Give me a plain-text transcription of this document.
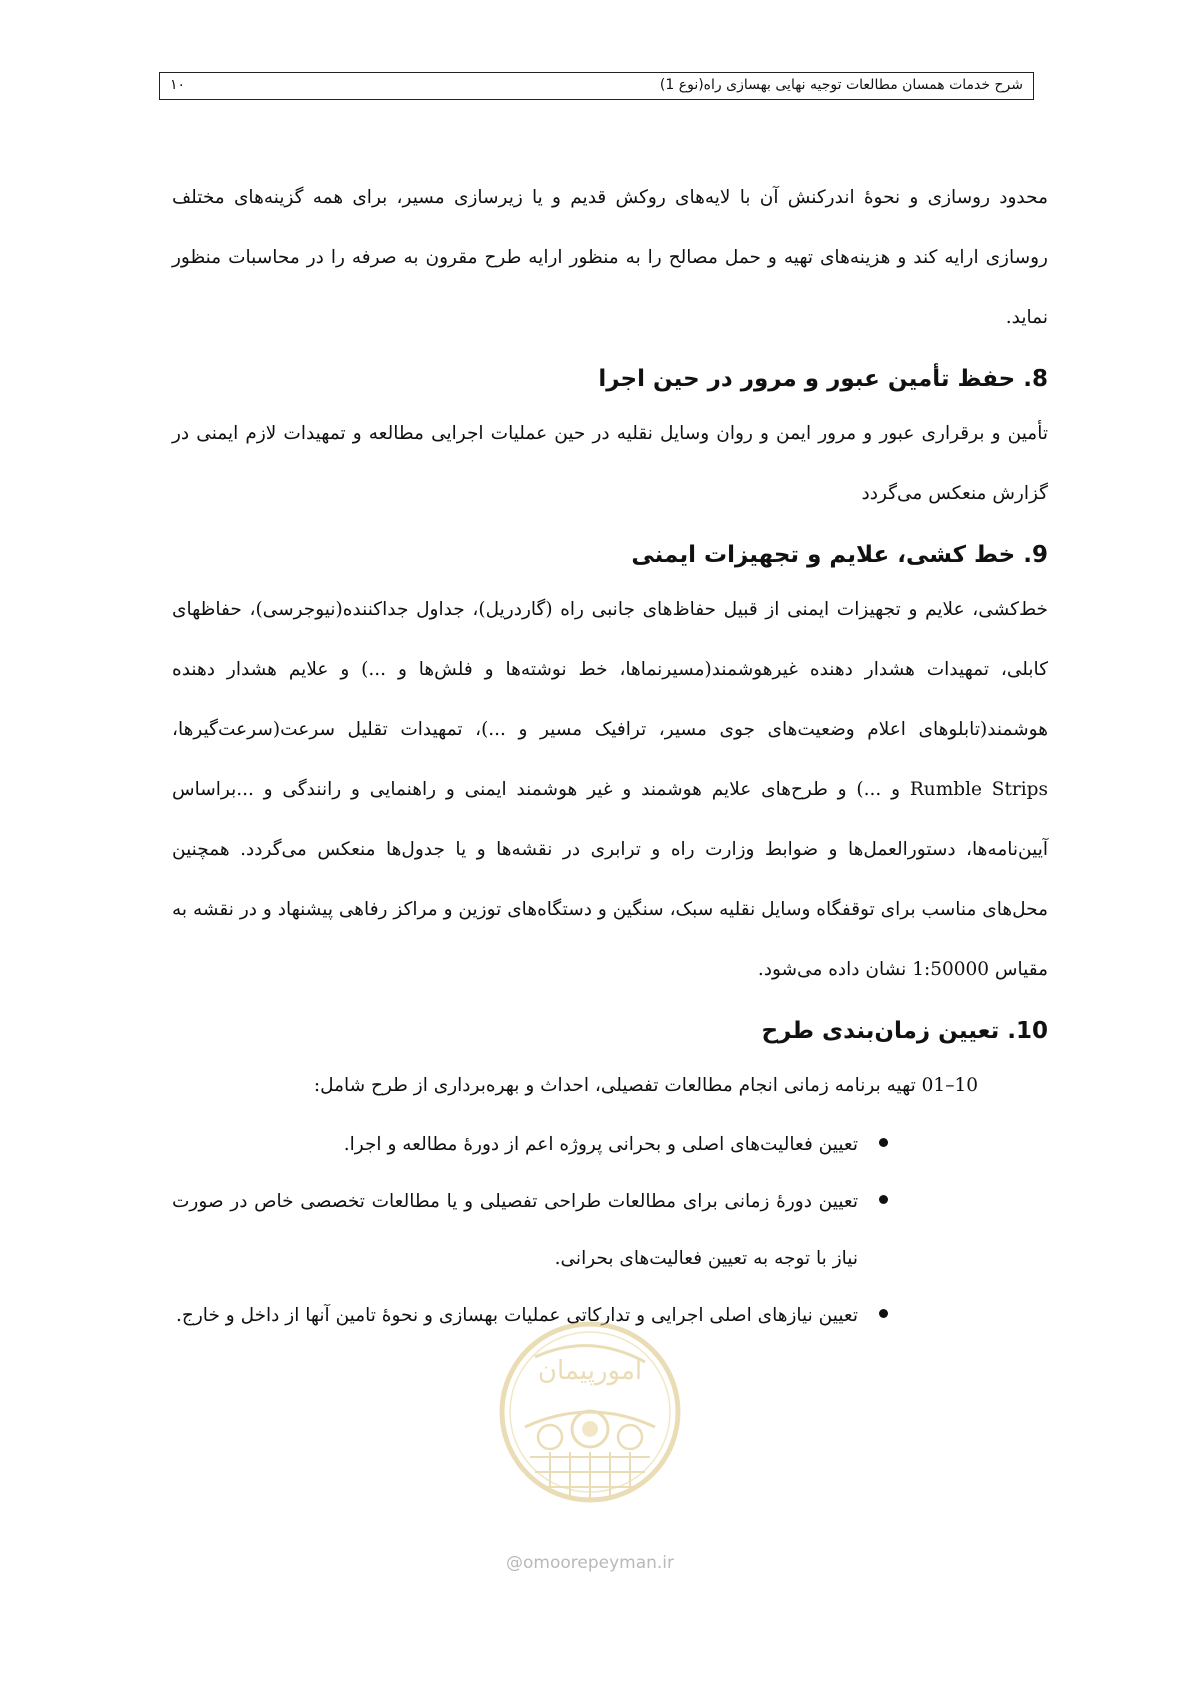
شرح خدمات همسان مطالعات توجیه نهایی بهسازی راه(نوع 1)
۱۰

محدود روسازی و نحوۀ اندرکنش آن با لایه‌های روکش قدیم و یا زیرسازی مسیر، برای همه گزینه‌های مختلف روسازی ارایه کند و هزینه‌های تهیه و حمل مصالح را به منظور ارایه طرح مقرون به صرفه را در محاسبات منظور نماید.

8. حفظ تأمین عبور و مرور در حین اجرا

تأمین و برقراری عبور و مرور ایمن و روان وسایل نقلیه در حین عملیات اجرایی مطالعه و تمهیدات لازم ایمنی در گزارش منعکس می‌گردد

9. خط کشی، علایم و تجهیزات ایمنی

خط‌کشی، علایم و تجهیزات ایمنی از قبیل حفاظ‌های جانبی راه (گاردریل)، جداول جداکننده(نیوجرسی)، حفاظهای کابلی، تمهیدات هشدار دهنده غیرهوشمند(مسیرنماها، خط نوشته‌ها و فلش‌ها و ...) و علایم هشدار دهنده هوشمند(تابلوهای اعلام وضعیت‌های جوی مسیر، ترافیک مسیر و ...)، تمهیدات تقلیل سرعت(سرعت‌گیرها، Rumble Strips و ...) و طرح‌های علایم هوشمند و غیر هوشمند ایمنی و راهنمایی و رانندگی و ...براساس آیین‌نامه‌ها، دستورالعمل‌ها و ضوابط وزارت راه و ترابری در نقشه‌ها و یا جدول‌ها منعکس می‌گردد. همچنین محل‌های مناسب برای توقفگاه وسایل نقلیه سبک، سنگین و دستگاه‌های توزین و مراکز رفاهی پیشنهاد و در نقشه به مقیاس 1:50000 نشان داده می‌شود.

10. تعیین زمان‌بندی طرح

10–01 تهیه برنامه زمانی انجام مطالعات تفصیلی، احداث و بهره‌برداری از طرح شامل:

تعیین فعالیت‌های اصلی و بحرانی پروژه اعم از دورۀ مطالعه و اجرا.
تعیین دورۀ زمانی برای مطالعات طراحی تفصیلی و یا مطالعات تخصصی خاص در صورت نیاز با توجه به تعیین فعالیت‌های بحرانی.
تعیین نیازهای اصلی اجرایی و تدارکاتی عملیات بهسازی و نحوۀ تامین آنها از داخل و خارج.
امورپیمان
@omoorepeyman.ir
